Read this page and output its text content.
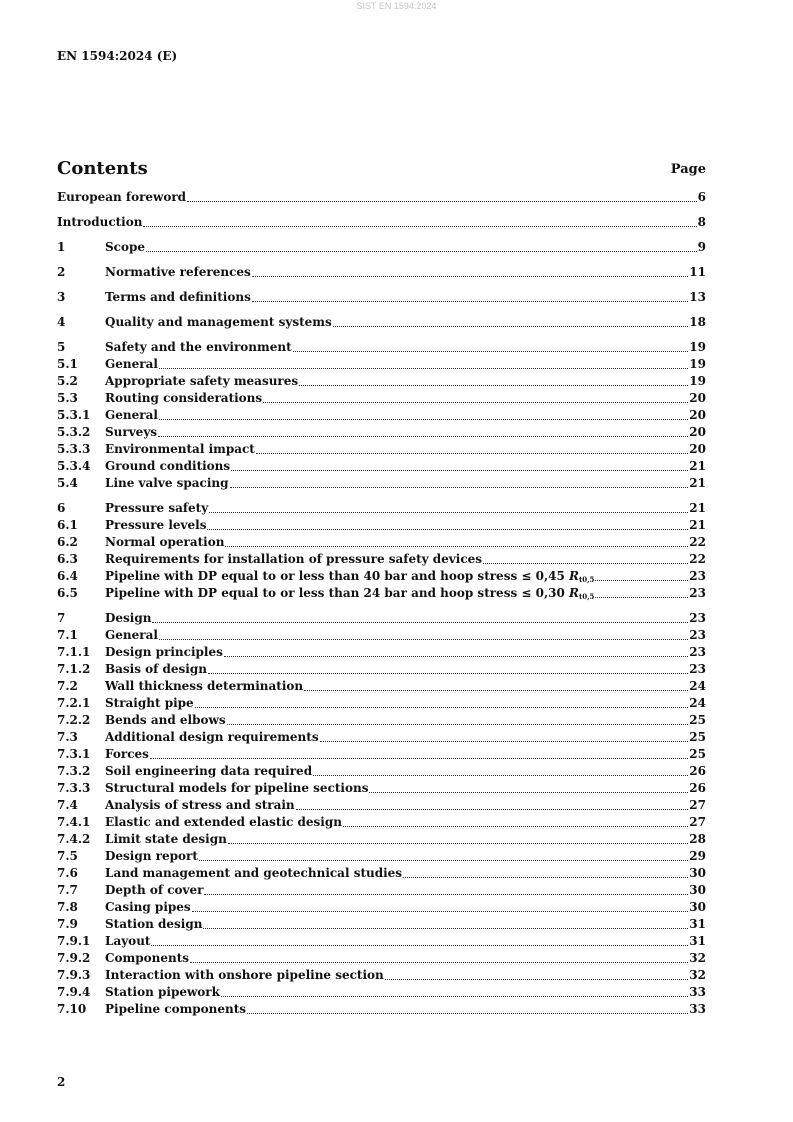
SIST EN 1594:2024
EN 1594:2024 (E)
Contents	Page
European foreword	6
Introduction	8
1	Scope	9
2	Normative references	11
3	Terms and definitions	13
4	Quality and management systems	18
5	Safety and the environment	19
5.1	General	19
5.2	Appropriate safety measures	19
5.3	Routing considerations	20
5.3.1	General	20
5.3.2	Surveys	20
5.3.3	Environmental impact	20
5.3.4	Ground conditions	21
5.4	Line valve spacing	21
6	Pressure safety	21
6.1	Pressure levels	21
6.2	Normal operation	22
6.3	Requirements for installation of pressure safety devices	22
6.4	Pipeline with DP equal to or less than 40 bar and hoop stress ≤ 0,45 $R_{t0,5}$	23
6.5	Pipeline with DP equal to or less than 24 bar and hoop stress ≤ 0,30 $R_{t0,5}$	23
7	Design	23
7.1	General	23
7.1.1	Design principles	23
7.1.2	Basis of design	23
7.2	Wall thickness determination	24
7.2.1	Straight pipe	24
7.2.2	Bends and elbows	25
7.3	Additional design requirements	25
7.3.1	Forces	25
7.3.2	Soil engineering data required	26
7.3.3	Structural models for pipeline sections	26
7.4	Analysis of stress and strain	27
7.4.1	Elastic and extended elastic design	27
7.4.2	Limit state design	28
7.5	Design report	29
7.6	Land management and geotechnical studies	30
7.7	Depth of cover	30
7.8	Casing pipes	30
7.9	Station design	31
7.9.1	Layout	31
7.9.2	Components	32
7.9.3	Interaction with onshore pipeline section	32
7.9.4	Station pipework	33
7.10	Pipeline components	33
2
